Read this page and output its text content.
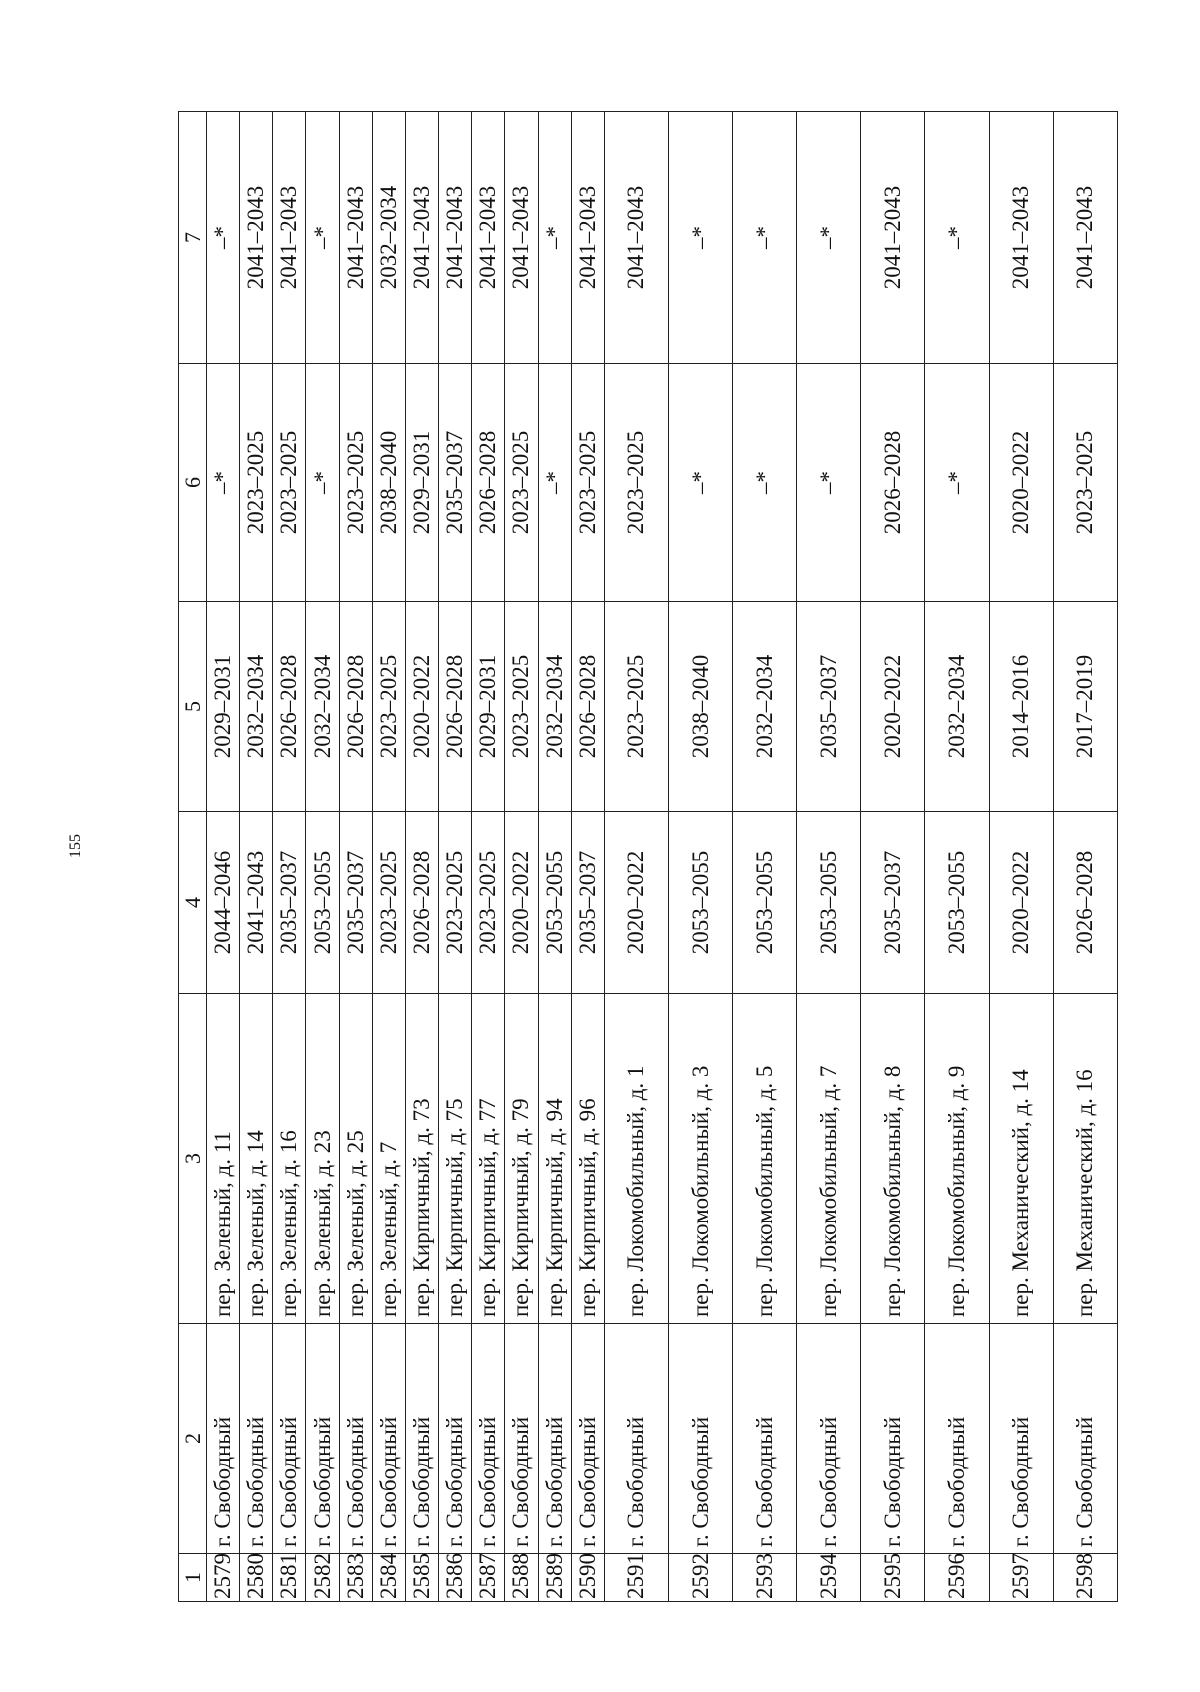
155
1	2	3	4	5	6	7
2579	г. Свободный	пер. Зеленый, д. 11	2044–2046	2029–2031	–*	–*
2580	г. Свободный	пер. Зеленый, д. 14	2041–2043	2032–2034	2023–2025	2041–2043
2581	г. Свободный	пер. Зеленый, д. 16	2035–2037	2026–2028	2023–2025	2041–2043
2582	г. Свободный	пер. Зеленый, д. 23	2053–2055	2032–2034	–*	–*
2583	г. Свободный	пер. Зеленый, д. 25	2035–2037	2026–2028	2023–2025	2041–2043
2584	г. Свободный	пер. Зеленый, д. 7	2023–2025	2023–2025	2038–2040	2032–2034
2585	г. Свободный	пер. Кирпичный, д. 73	2026–2028	2020–2022	2029–2031	2041–2043
2586	г. Свободный	пер. Кирпичный, д. 75	2023–2025	2026–2028	2035–2037	2041–2043
2587	г. Свободный	пер. Кирпичный, д. 77	2023–2025	2029–2031	2026–2028	2041–2043
2588	г. Свободный	пер. Кирпичный, д. 79	2020–2022	2023–2025	2023–2025	2041–2043
2589	г. Свободный	пер. Кирпичный, д. 94	2053–2055	2032–2034	–*	–*
2590	г. Свободный	пер. Кирпичный, д. 96	2035–2037	2026–2028	2023–2025	2041–2043
2591	г. Свободный	пер. Локомобильный, д. 1	2020–2022	2023–2025	2023–2025	2041–2043
2592	г. Свободный	пер. Локомобильный, д. 3	2053–2055	2038–2040	–*	–*
2593	г. Свободный	пер. Локомобильный, д. 5	2053–2055	2032–2034	–*	–*
2594	г. Свободный	пер. Локомобильный, д. 7	2053–2055	2035–2037	–*	–*
2595	г. Свободный	пер. Локомобильный, д. 8	2035–2037	2020–2022	2026–2028	2041–2043
2596	г. Свободный	пер. Локомобильный, д. 9	2053–2055	2032–2034	–*	–*
2597	г. Свободный	пер. Механический, д. 14	2020–2022	2014–2016	2020–2022	2041–2043
2598	г. Свободный	пер. Механический, д. 16	2026–2028	2017–2019	2023–2025	2041–2043
